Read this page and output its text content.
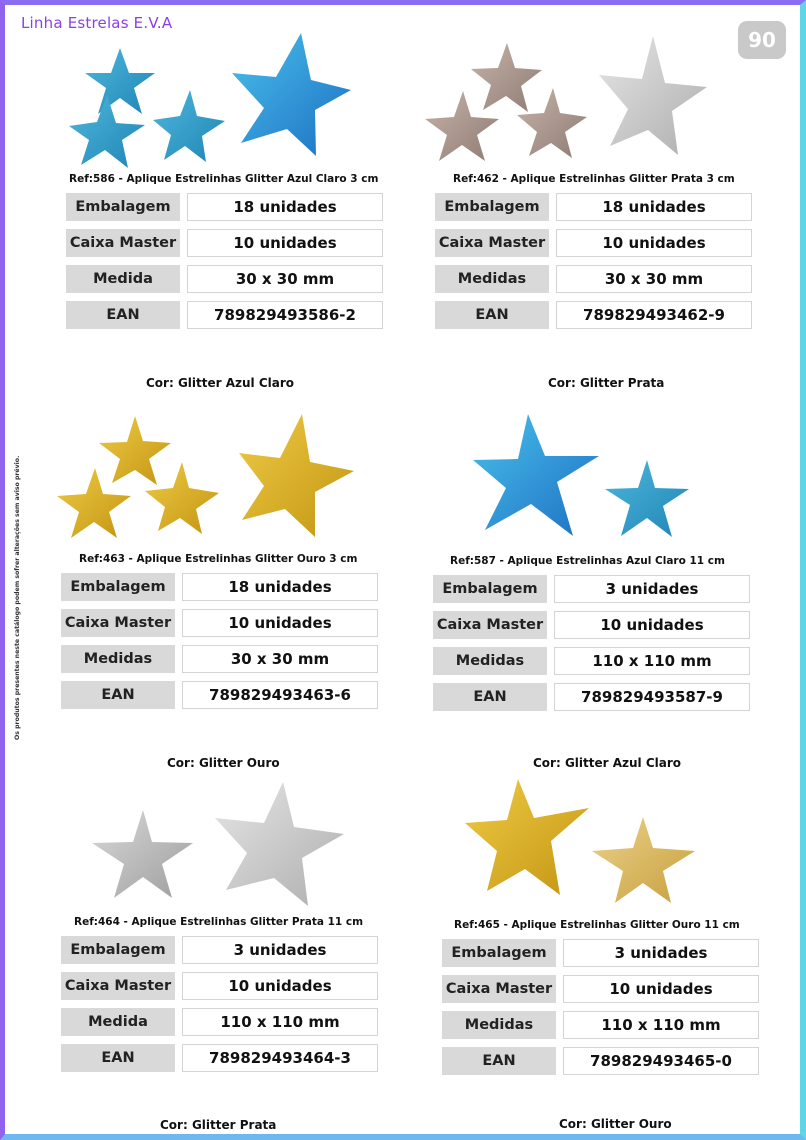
Linha Estrelas E.V.A
90
Os produtos presentes neste catálogo podem sofrer alterações sem aviso prévio.
Ref:586 - Aplique Estrelinhas Glitter Azul Claro 3 cm
Embalagem	18 unidades
Caixa Master	10 unidades
Medida	30 x 30 mm
EAN	789829493586-2
Cor: Glitter Azul Claro
Ref:462 - Aplique Estrelinhas Glitter Prata 3 cm
Embalagem	18 unidades
Caixa Master	10 unidades
Medidas	30 x 30 mm
EAN	789829493462-9
Cor: Glitter Prata
Ref:463 - Aplique Estrelinhas Glitter Ouro 3 cm
Embalagem	18 unidades
Caixa Master	10 unidades
Medidas	30 x 30 mm
EAN	789829493463-6
Cor: Glitter Ouro
Ref:587 - Aplique Estrelinhas Azul Claro 11 cm
Embalagem	3 unidades
Caixa Master	10 unidades
Medidas	110 x 110 mm
EAN	789829493587-9
Cor: Glitter Azul Claro
Ref:464 - Aplique Estrelinhas Glitter Prata 11 cm
Embalagem	3 unidades
Caixa Master	10 unidades
Medida	110 x 110 mm
EAN	789829493464-3
Cor: Glitter Prata
Ref:465 - Aplique Estrelinhas Glitter Ouro 11 cm
Embalagem	3 unidades
Caixa Master	10 unidades
Medidas	110 x 110 mm
EAN	789829493465-0
Cor: Glitter Ouro
